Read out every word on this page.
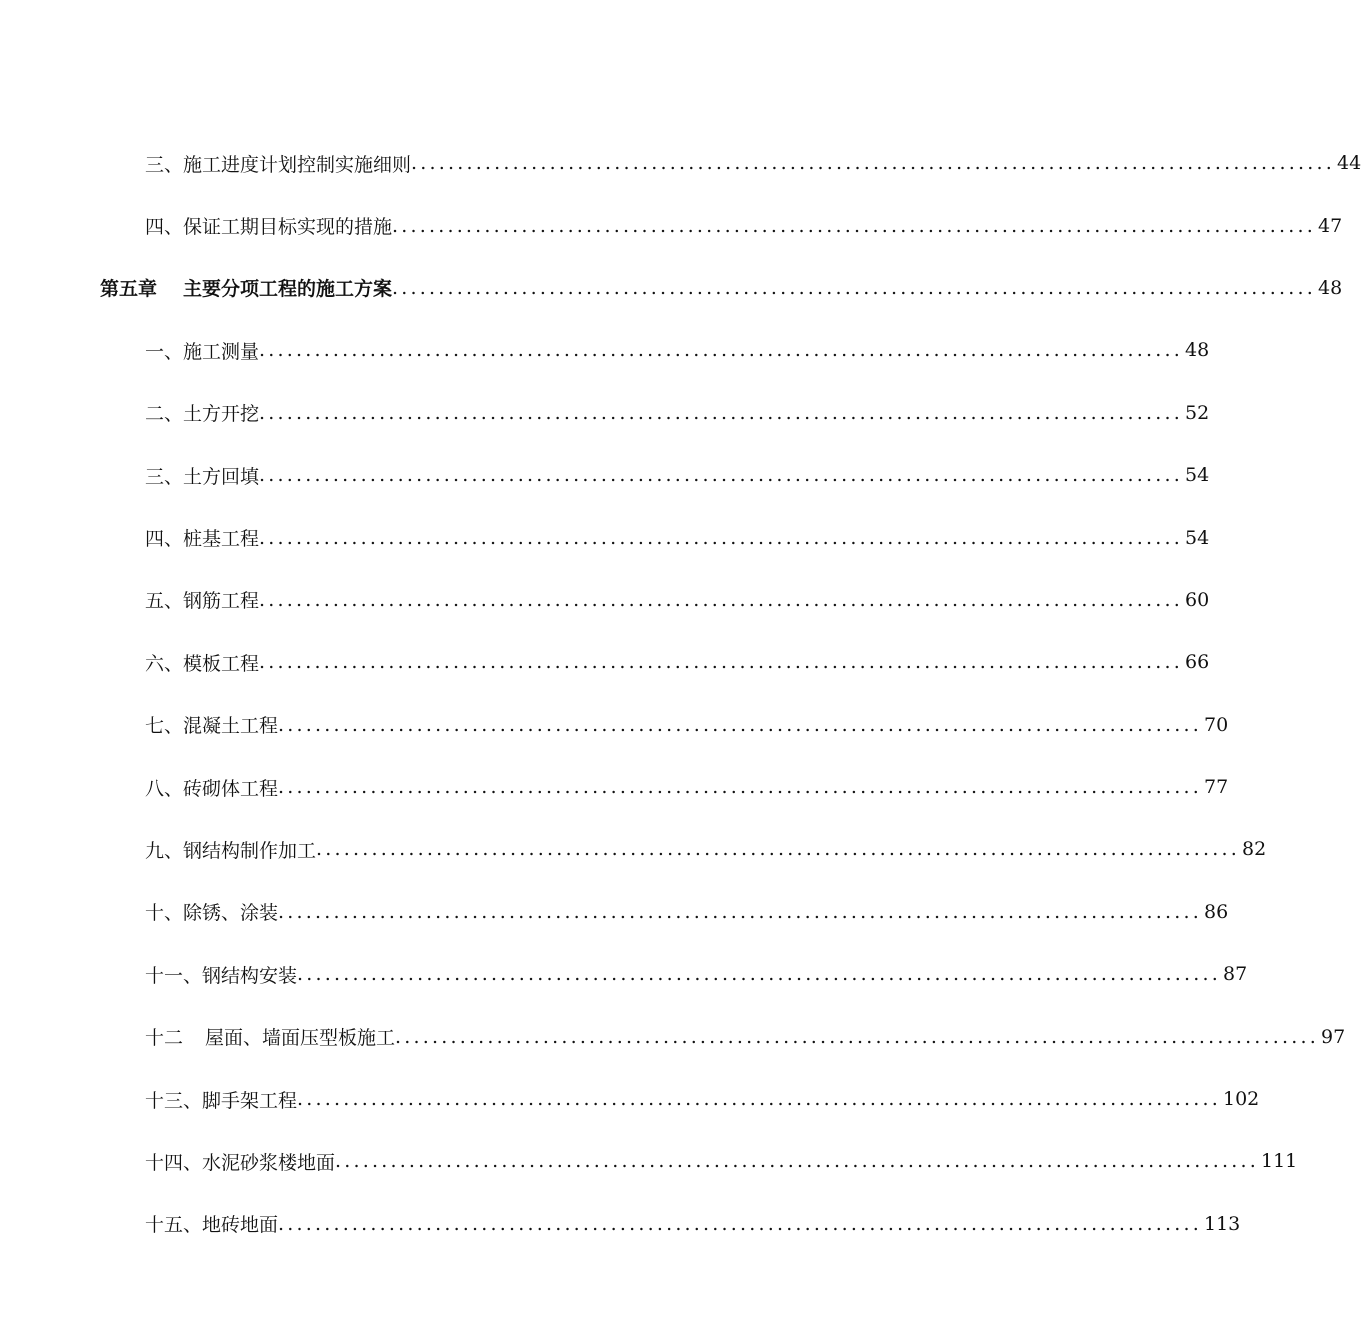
三、施工进度计划控制实施细则 .................................................................................................... 44
四、保证工期目标实现的措施 .................................................................................................... 47
第五章 主要分项工程的施工方案 .................................................................................................... 48
一、施工测量 .................................................................................................... 48
二、土方开挖 .................................................................................................... 52
三、土方回填 .................................................................................................... 54
四、桩基工程 .................................................................................................... 54
五、钢筋工程 .................................................................................................... 60
六、模板工程 .................................................................................................... 66
七、混凝土工程 .................................................................................................... 70
八、砖砌体工程 .................................................................................................... 77
九、钢结构制作加工 .................................................................................................... 82
十、除锈、涂装 .................................................................................................... 86
十一、钢结构安装 .................................................................................................... 87
十二 屋面、墙面压型板施工 .................................................................................................... 97
十三、脚手架工程 .................................................................................................... 102
十四、水泥砂浆楼地面 .................................................................................................... 111
十五、地砖地面 .................................................................................................... 113
